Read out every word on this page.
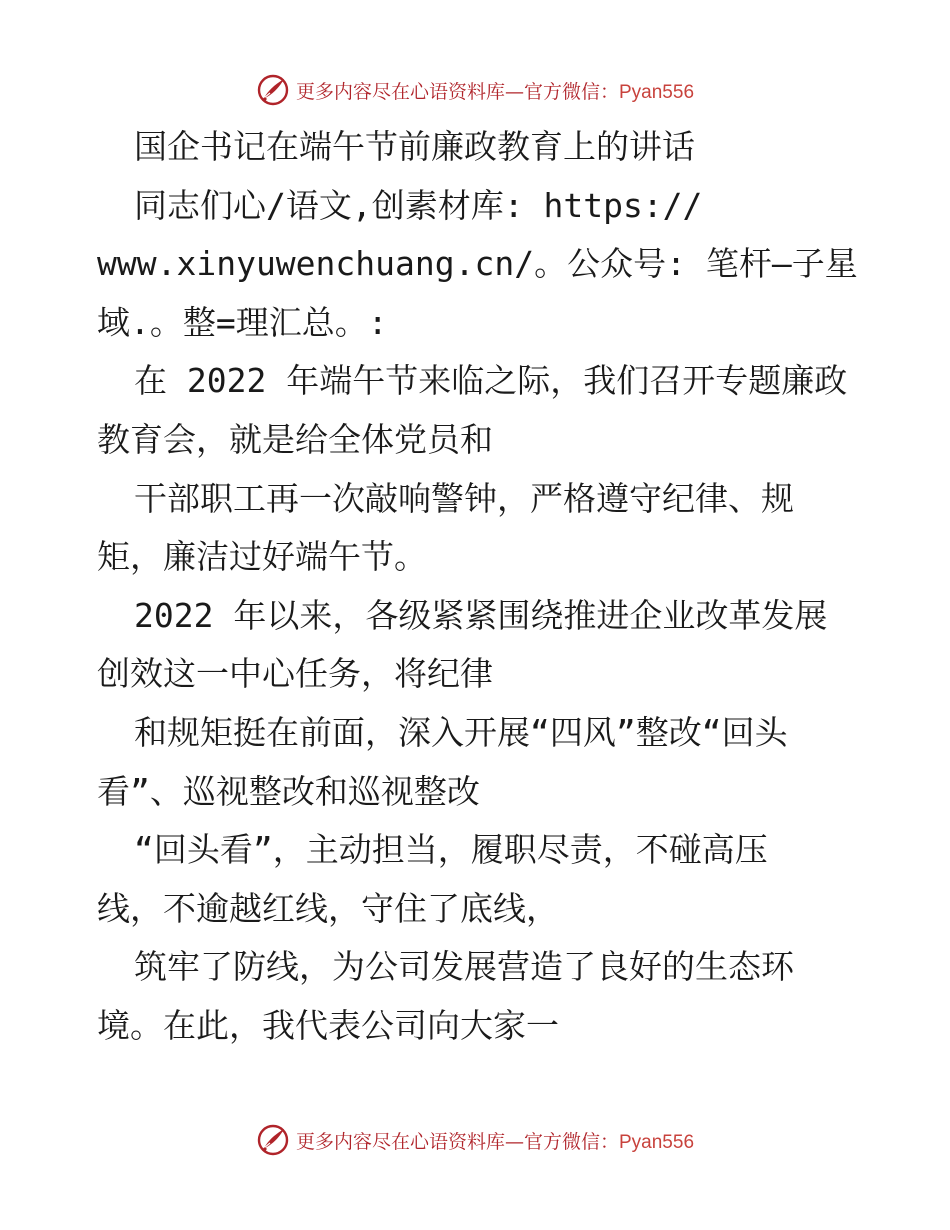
更多内容尽在心语资料库—官方微信：Pyan556
国企书记在端午节前廉政教育上的讲话
同志们心/语文,创素材库: https://
www.xinyuwenchuang.cn/。公众号: 笔杆—子星
域.。整=理汇总。:
在 2022 年端午节来临之际，我们召开专题廉政
教育会，就是给全体党员和
干部职工再一次敲响警钟，严格遵守纪律、规
矩，廉洁过好端午节。
2022 年以来，各级紧紧围绕推进企业改革发展
创效这一中心任务，将纪律
和规矩挺在前面，深入开展“四风”整改“回头
看”、巡视整改和巡视整改
“回头看”，主动担当，履职尽责，不碰高压
线，不逾越红线，守住了底线，
筑牢了防线，为公司发展营造了良好的生态环
境。在此，我代表公司向大家一
更多内容尽在心语资料库—官方微信：Pyan556
